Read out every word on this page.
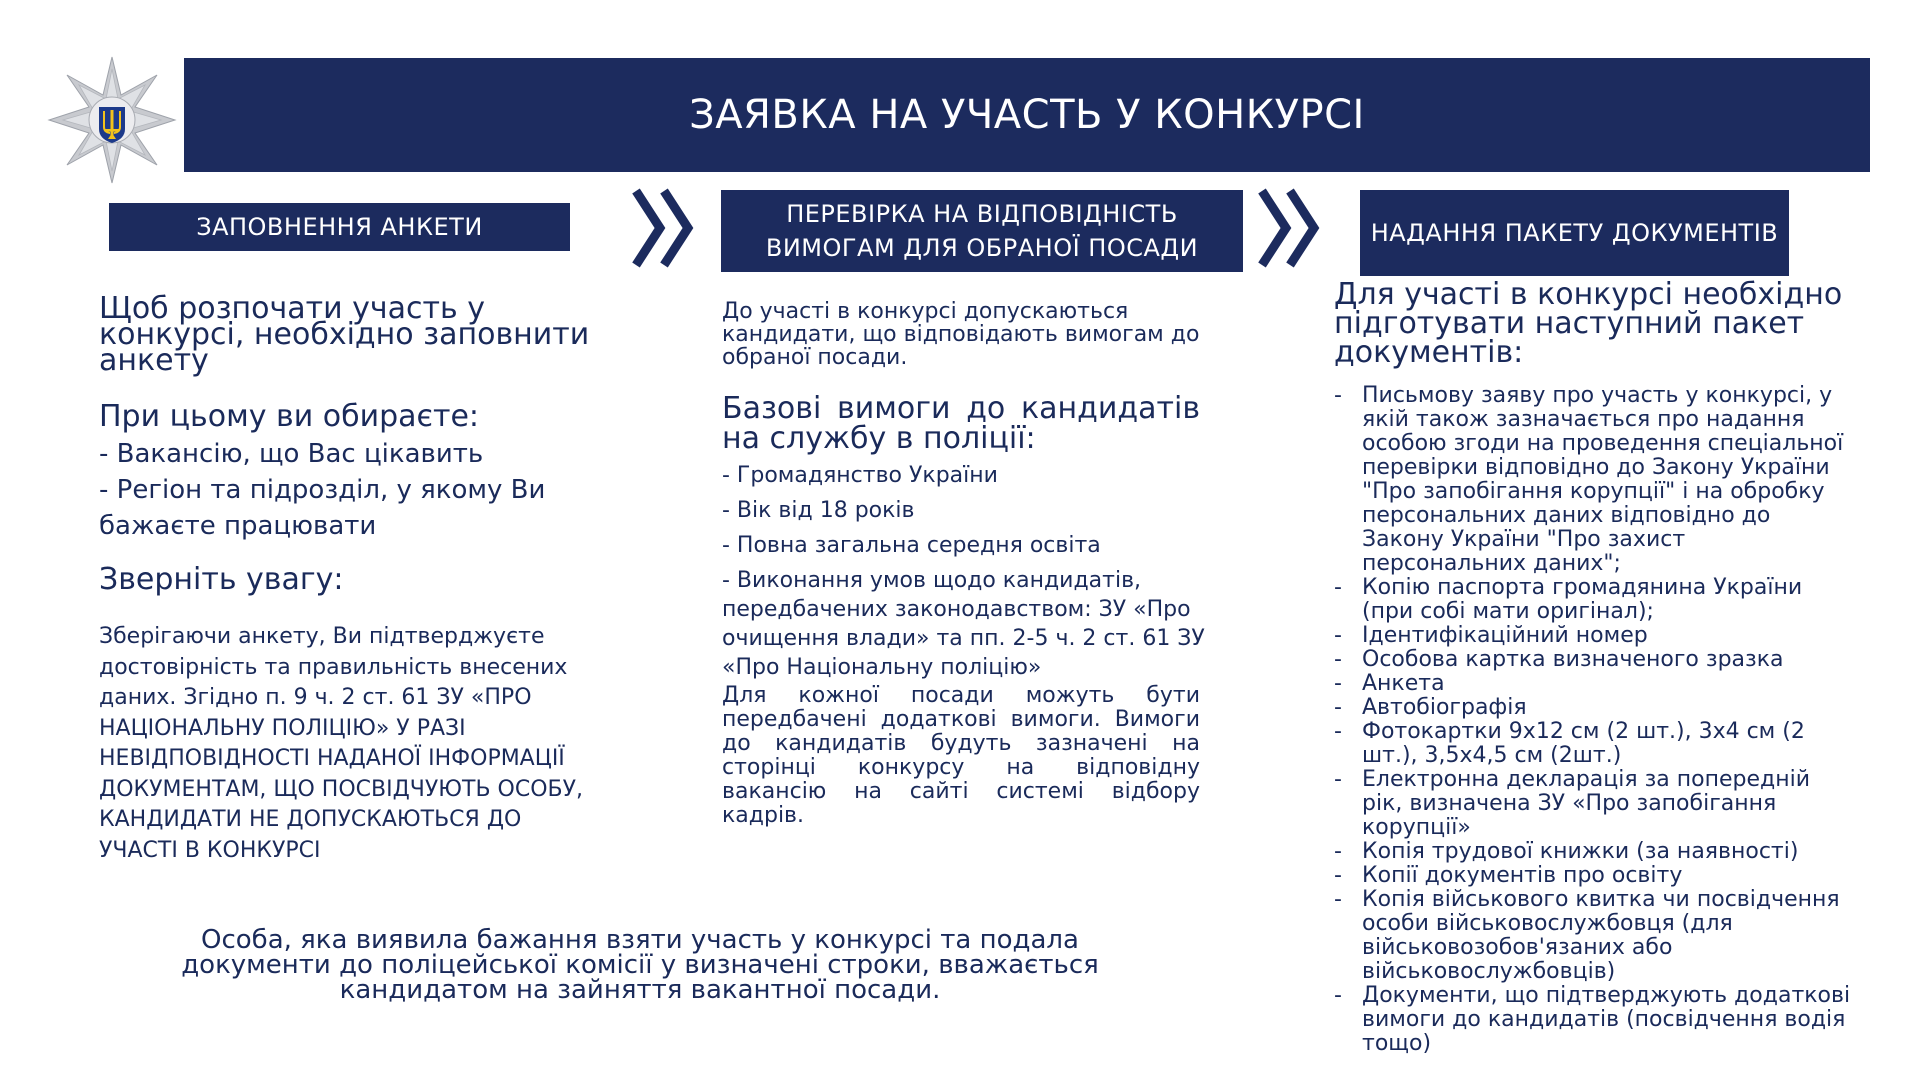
ЗАЯВКА НА УЧАСТЬ У КОНКУРСІ
ЗАПОВНЕННЯ АНКЕТИ	ПЕРЕВІРКА НА ВІДПОВІДНІСТЬ ВИМОГАМ ДЛЯ ОБРАНОЇ ПОСАДИ
НАДАННЯ ПАКЕТУ ДОКУМЕНТІВ
Щоб розпочати участь у конкурсі, необхідно заповнити анкету
При цьому ви обираєте:
- Вакансію, що Вас цікавить
- Регіон та підрозділ, у якому Ви
бажаєте працювати
Зверніть увагу:
Зберігаючи анкету, Ви підтверджуєте достовірність та правильність внесених даних. Згідно п. 9 ч. 2 ст. 61 ЗУ «ПРО НАЦІОНАЛЬНУ ПОЛІЦІЮ» У РАЗІ НЕВІДПОВІДНОСТІ НАДАНОЇ ІНФОРМАЦІЇ ДОКУМЕНТАМ, ЩО ПОСВІДЧУЮТЬ ОСОБУ, КАНДИДАТИ НЕ ДОПУСКАЮТЬСЯ ДО УЧАСТІ В КОНКУРСІ
До участі в конкурсі допускаються кандидати, що відповідають вимогам до обраної посади.
Базові вимоги до кандидатів на службу в поліції:
- Громадянство України
- Вік від 18 років
- Повна загальна середня освіта
- Виконання умов щодо кандидатів, передбачених законодавством: ЗУ «Про очищення влади» та пп. 2-5 ч. 2 ст. 61 ЗУ «Про Національну поліцію»
Для кожної посади можуть бути передбачені додаткові вимоги. Вимоги до кандидатів будуть зазначені на сторінці конкурсу на відповідну вакансію на сайті системі відбору кадрів.
Для участі в конкурсі необхідно підготувати наступний пакет документів:
- Письмову заяву про участь у конкурсі, у якій також зазначається про надання особою згоди на проведення спеціальної перевірки відповідно до Закону України "Про запобігання корупції" і на обробку персональних даних відповідно до Закону України "Про захист персональних даних";
- Копію паспорта громадянина України (при собі мати оригінал);
- Ідентифікаційний номер
- Особова картка визначеного зразка
- Анкета
- Автобіографія
- Фотокартки 9х12 см (2 шт.), 3х4 см (2 шт.), 3,5х4,5 см (2шт.)
- Електронна декларація за попередній рік, визначена ЗУ «Про запобігання корупції»
- Копія трудової книжки (за наявності)
- Копії документів про освіту
- Копія військового квитка чи посвідчення особи військовослужбовця (для військовозобов'язаних або військовослужбовців)
- Документи, що підтверджують додаткові вимоги до кандидатів (посвідчення водія тощо)
Особа, яка виявила бажання взяти участь у конкурсі та подала документи до поліцейської комісії у визначені строки, вважається кандидатом на зайняття вакантної посади.
